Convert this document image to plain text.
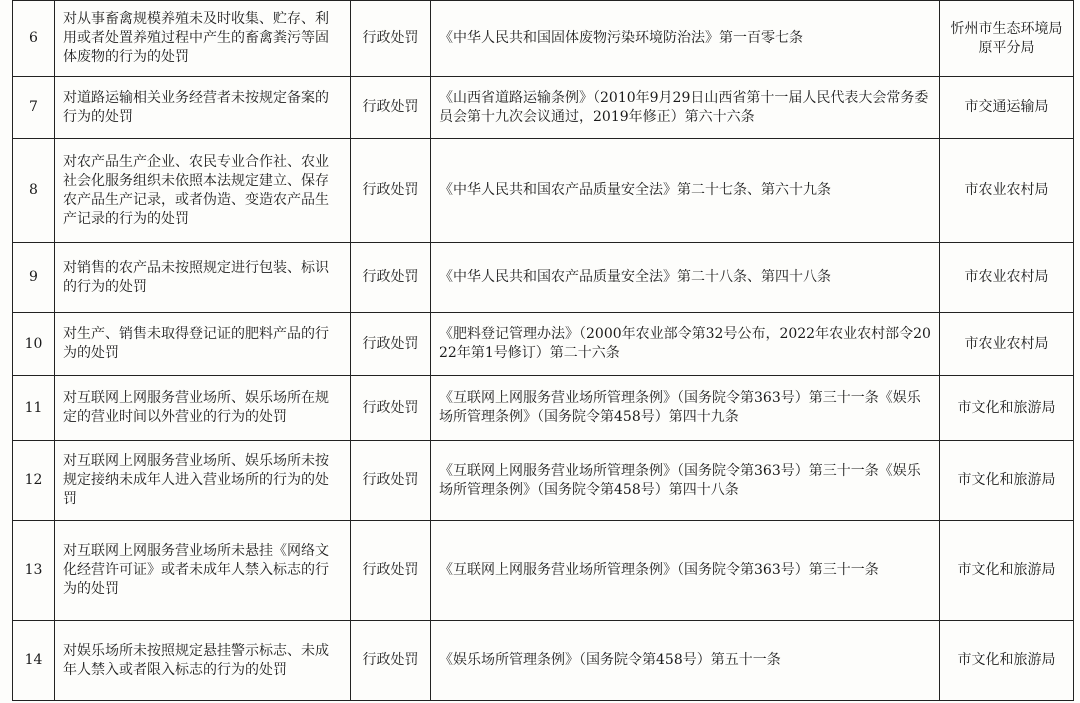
6	对从事畜禽规模养殖未及时收集、贮存、利用或者处置养殖过程中产生的畜禽粪污等固体废物的行为的处罚	行政处罚	《中华人民共和国固体废物污染环境防治法》第一百零七条	忻州市生态环境局原平分局
7	对道路运输相关业务经营者未按规定备案的行为的处罚	行政处罚	《山西省道路运输条例》（2010年9月29日山西省第十一届人民代表大会常务委员会第十九次会议通过，2019年修正）第六十六条	市交通运输局
8	对农产品生产企业、农民专业合作社、农业社会化服务组织未依照本法规定建立、保存农产品生产记录，或者伪造、变造农产品生产记录的行为的处罚	行政处罚	《中华人民共和国农产品质量安全法》第二十七条、第六十九条	市农业农村局
9	对销售的农产品未按照规定进行包装、标识的行为的处罚	行政处罚	《中华人民共和国农产品质量安全法》第二十八条、第四十八条	市农业农村局
10	对生产、销售未取得登记证的肥料产品的行为的处罚	行政处罚	《肥料登记管理办法》（2000年农业部令第32号公布，2022年农业农村部令2022年第1号修订）第二十六条	市农业农村局
11	对互联网上网服务营业场所、娱乐场所在规定的营业时间以外营业的行为的处罚	行政处罚	《互联网上网服务营业场所管理条例》（国务院令第363号）第三十一条《娱乐场所管理条例》（国务院令第458号）第四十九条	市文化和旅游局
12	对互联网上网服务营业场所、娱乐场所未按规定接纳未成年人进入营业场所的行为的处罚	行政处罚	《互联网上网服务营业场所管理条例》（国务院令第363号）第三十一条《娱乐场所管理条例》（国务院令第458号）第四十八条	市文化和旅游局
13	对互联网上网服务营业场所未悬挂《网络文化经营许可证》或者未成年人禁入标志的行为的处罚	行政处罚	《互联网上网服务营业场所管理条例》（国务院令第363号）第三十一条	市文化和旅游局
14	对娱乐场所未按照规定悬挂警示标志、未成年人禁入或者限入标志的行为的处罚	行政处罚	《娱乐场所管理条例》（国务院令第458号）第五十一条	市文化和旅游局
